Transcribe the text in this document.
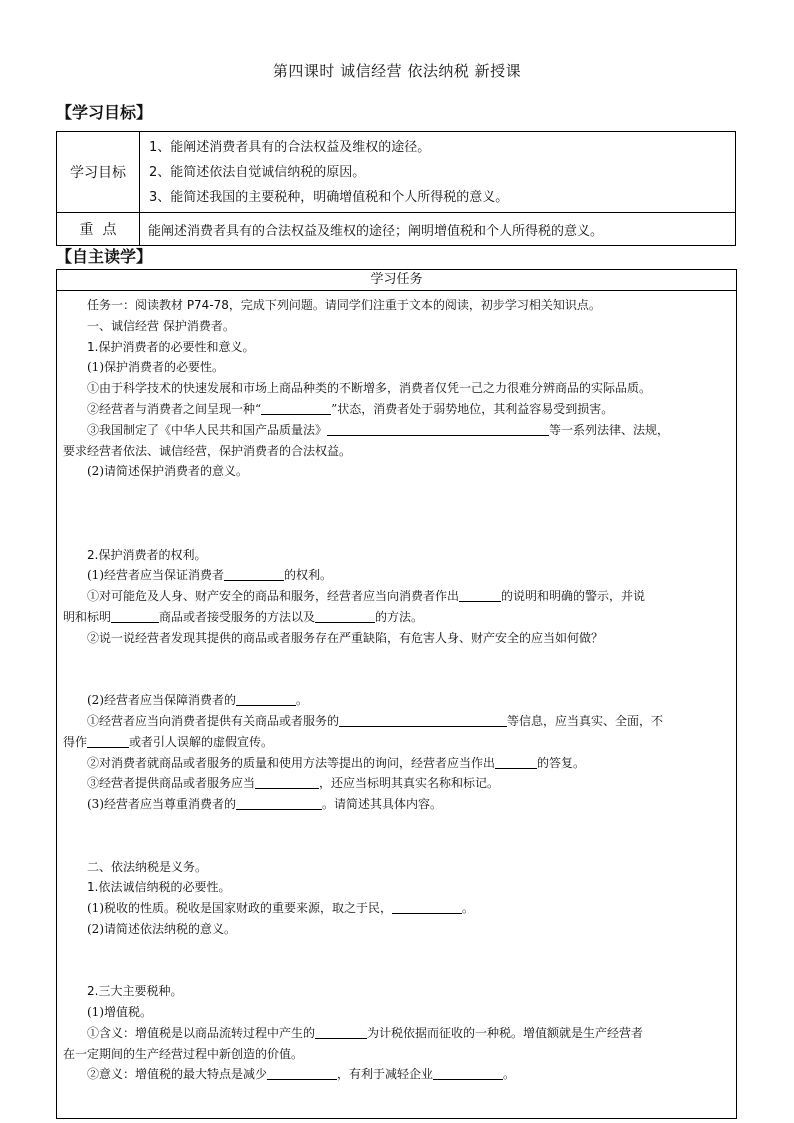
第四课时 诚信经营 依法纳税 新授课
【学习目标】
学习目标	1、能阐述消费者具有的合法权益及维权的途径。
2、能简述依法自觉诚信纳税的原因。
3、能简述我国的主要税种，明确增值税和个人所得税的意义。

重  点	能阐述消费者具有的合法权益及维权的途径；阐明增值税和个人所得税的意义。
【自主读学】
学习任务
任务一：阅读教材 P74-78，完成下列问题。请同学们注重于文本的阅读，初步学习相关知识点。
一、诚信经营 保护消费者。
1.保护消费者的必要性和意义。
(1)保护消费者的必要性。
①由于科学技术的快速发展和市场上商品种类的不断增多，消费者仅凭一己之力很难分辨商品的实际品质。
②经营者与消费者之间呈现一种“	”状态，消费者处于弱势地位，其利益容易受到损害。
③我国制定了《中华人民共和国产品质量法》	等一系列法律、法规，
要求经营者依法、诚信经营，保护消费者的合法权益。
(2)请简述保护消费者的意义。
2.保护消费者的权利。
(1)经营者应当保证消费者	的权利。
①对可能危及人身、财产安全的商品和服务，经营者应当向消费者作出	的说明和明确的警示，并说
明和标明	商品或者接受服务的方法以及	的方法。
②说一说经营者发现其提供的商品或者服务存在严重缺陷，有危害人身、财产安全的应当如何做？
(2)经营者应当保障消费者的	。
①经营者应当向消费者提供有关商品或者服务的	等信息，应当真实、全面，不
得作	或者引人误解的虚假宣传。
②对消费者就商品或者服务的质量和使用方法等提出的询问，经营者应当作出	的答复。
③经营者提供商品或者服务应当	，还应当标明其真实名称和标记。
(3)经营者应当尊重消费者的	。请简述其具体内容。
二、依法纳税是义务。
1.依法诚信纳税的必要性。
(1)税收的性质。税收是国家财政的重要来源，取之于民，	。
(2)请简述依法纳税的意义。
2.三大主要税种。
(1)增值税。
①含义：增值税是以商品流转过程中产生的	为计税依据而征收的一种税。增值额就是生产经营者
在一定期间的生产经营过程中新创造的价值。
②意义：增值税的最大特点是减少	，有利于减轻企业	。
